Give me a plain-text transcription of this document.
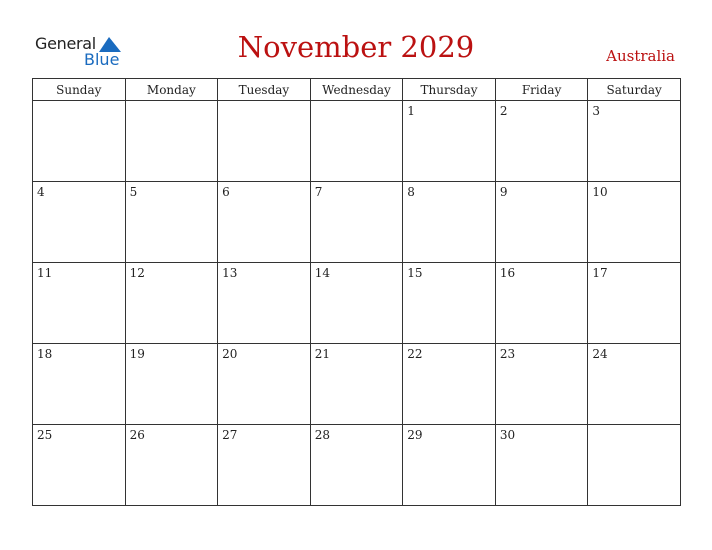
General
Blue	November 2029	Australia
Sunday	Monday	Tuesday	Wednesday	Thursday	Friday	Saturday
				1	2	3
4	5	6	7	8	9	10
11	12	13	14	15	16	17
18	19	20	21	22	23	24
25	26	27	28	29	30	
